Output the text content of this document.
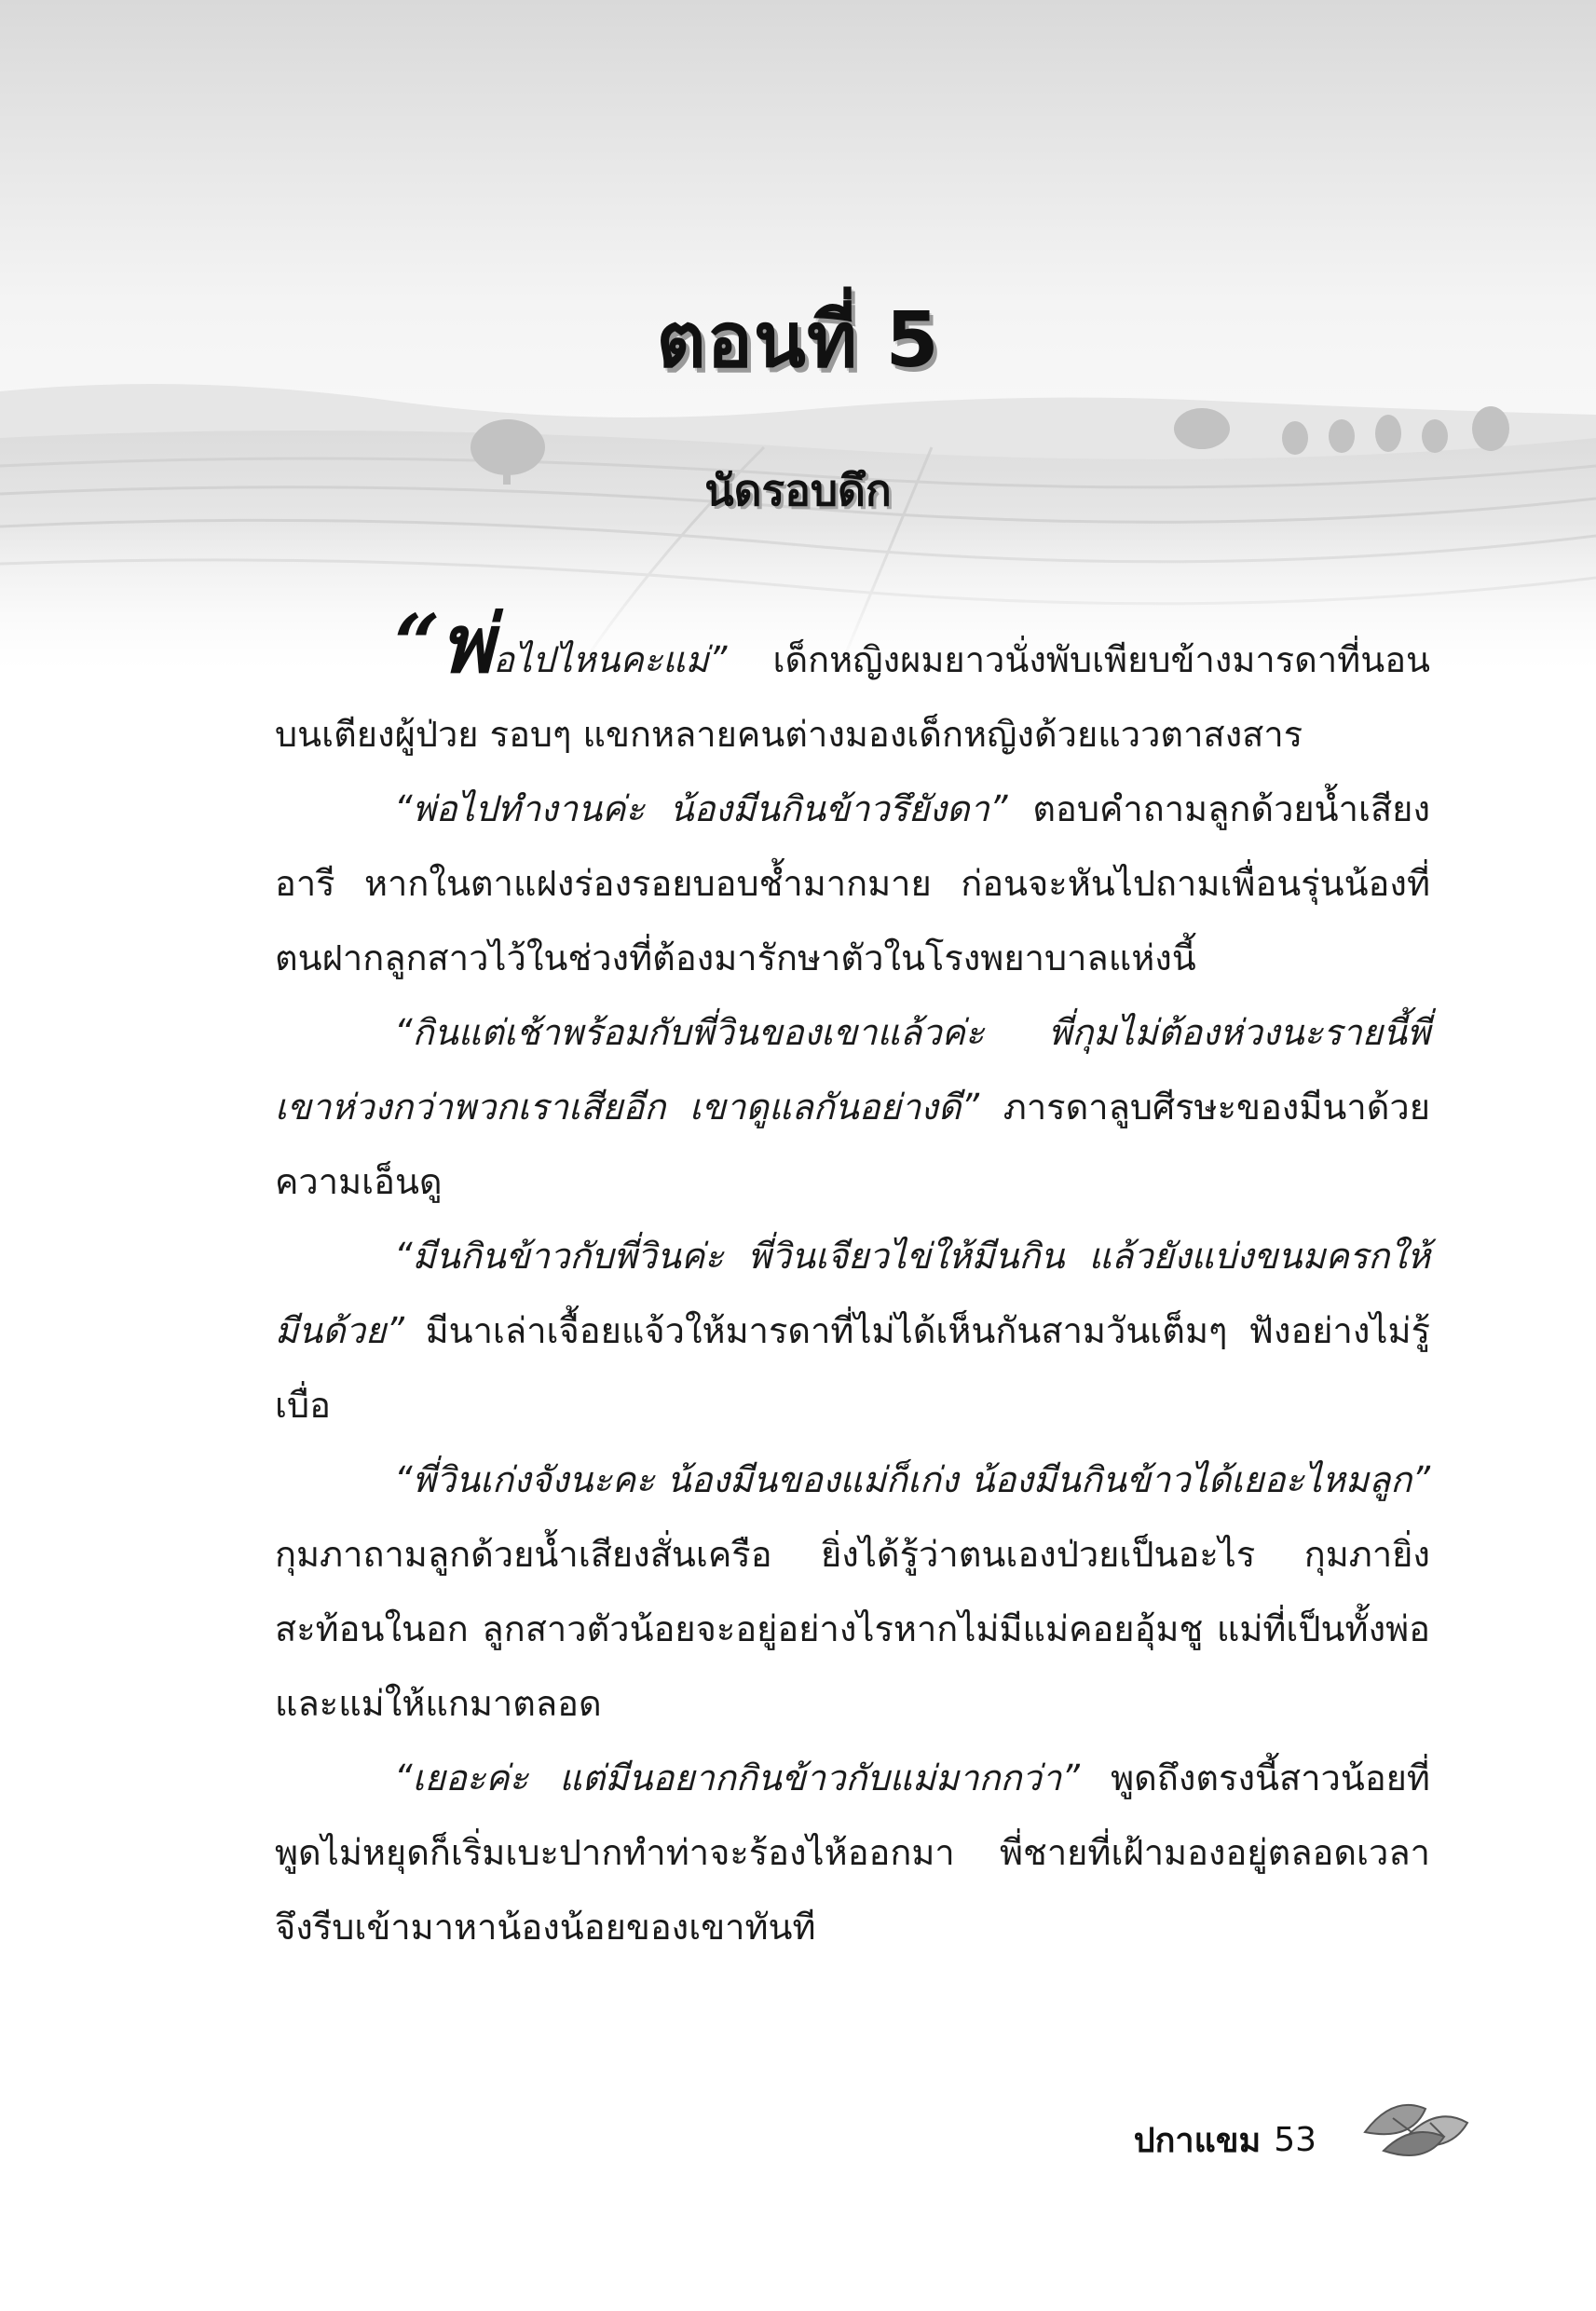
ตอนที่ 5
นัดรอบดึก

“พ่อไปไหนคะแม่” เด็กหญิงผมยาวนั่งพับเพียบข้างมารดาที่นอนบนเตียงผู้ป่วย รอบๆ แขกหลายคนต่างมองเด็กหญิงด้วยแววตาสงสาร

“พ่อไปทำงานค่ะ น้องมีนกินข้าวรึยังดา” ตอบคำถามลูกด้วยน้ำเสียงอารี หากในตาแฝงร่องรอยบอบช้ำมากมาย ก่อนจะหันไปถามเพื่อนรุ่นน้องที่ตนฝากลูกสาวไว้ในช่วงที่ต้องมารักษาตัวในโรงพยาบาลแห่งนี้

“กินแต่เช้าพร้อมกับพี่วินของเขาแล้วค่ะ พี่กุมไม่ต้องห่วงนะรายนี้พี่เขาห่วงกว่าพวกเราเสียอีก เขาดูแลกันอย่างดี” ภารดาลูบศีรษะของมีนาด้วยความเอ็นดู

“มีนกินข้าวกับพี่วินค่ะ พี่วินเจียวไข่ให้มีนกิน แล้วยังแบ่งขนมครกให้มีนด้วย” มีนาเล่าเจื้อยแจ้วให้มารดาที่ไม่ได้เห็นกันสามวันเต็มๆ ฟังอย่างไม่รู้เบื่อ

“พี่วินเก่งจังนะคะ น้องมีนของแม่ก็เก่ง น้องมีนกินข้าวได้เยอะไหมลูก” กุมภาถามลูกด้วยน้ำเสียงสั่นเครือ ยิ่งได้รู้ว่าตนเองป่วยเป็นอะไร กุมภายิ่งสะท้อนในอก ลูกสาวตัวน้อยจะอยู่อย่างไรหากไม่มีแม่คอยอุ้มชู แม่ที่เป็นทั้งพ่อและแม่ให้แกมาตลอด

“เยอะค่ะ แต่มีนอยากกินข้าวกับแม่มากกว่า” พูดถึงตรงนี้สาวน้อยที่พูดไม่หยุดก็เริ่มเบะปากทำท่าจะร้องไห้ออกมา พี่ชายที่เฝ้ามองอยู่ตลอดเวลาจึงรีบเข้ามาหาน้องน้อยของเขาทันที

ปกาแขม 53
